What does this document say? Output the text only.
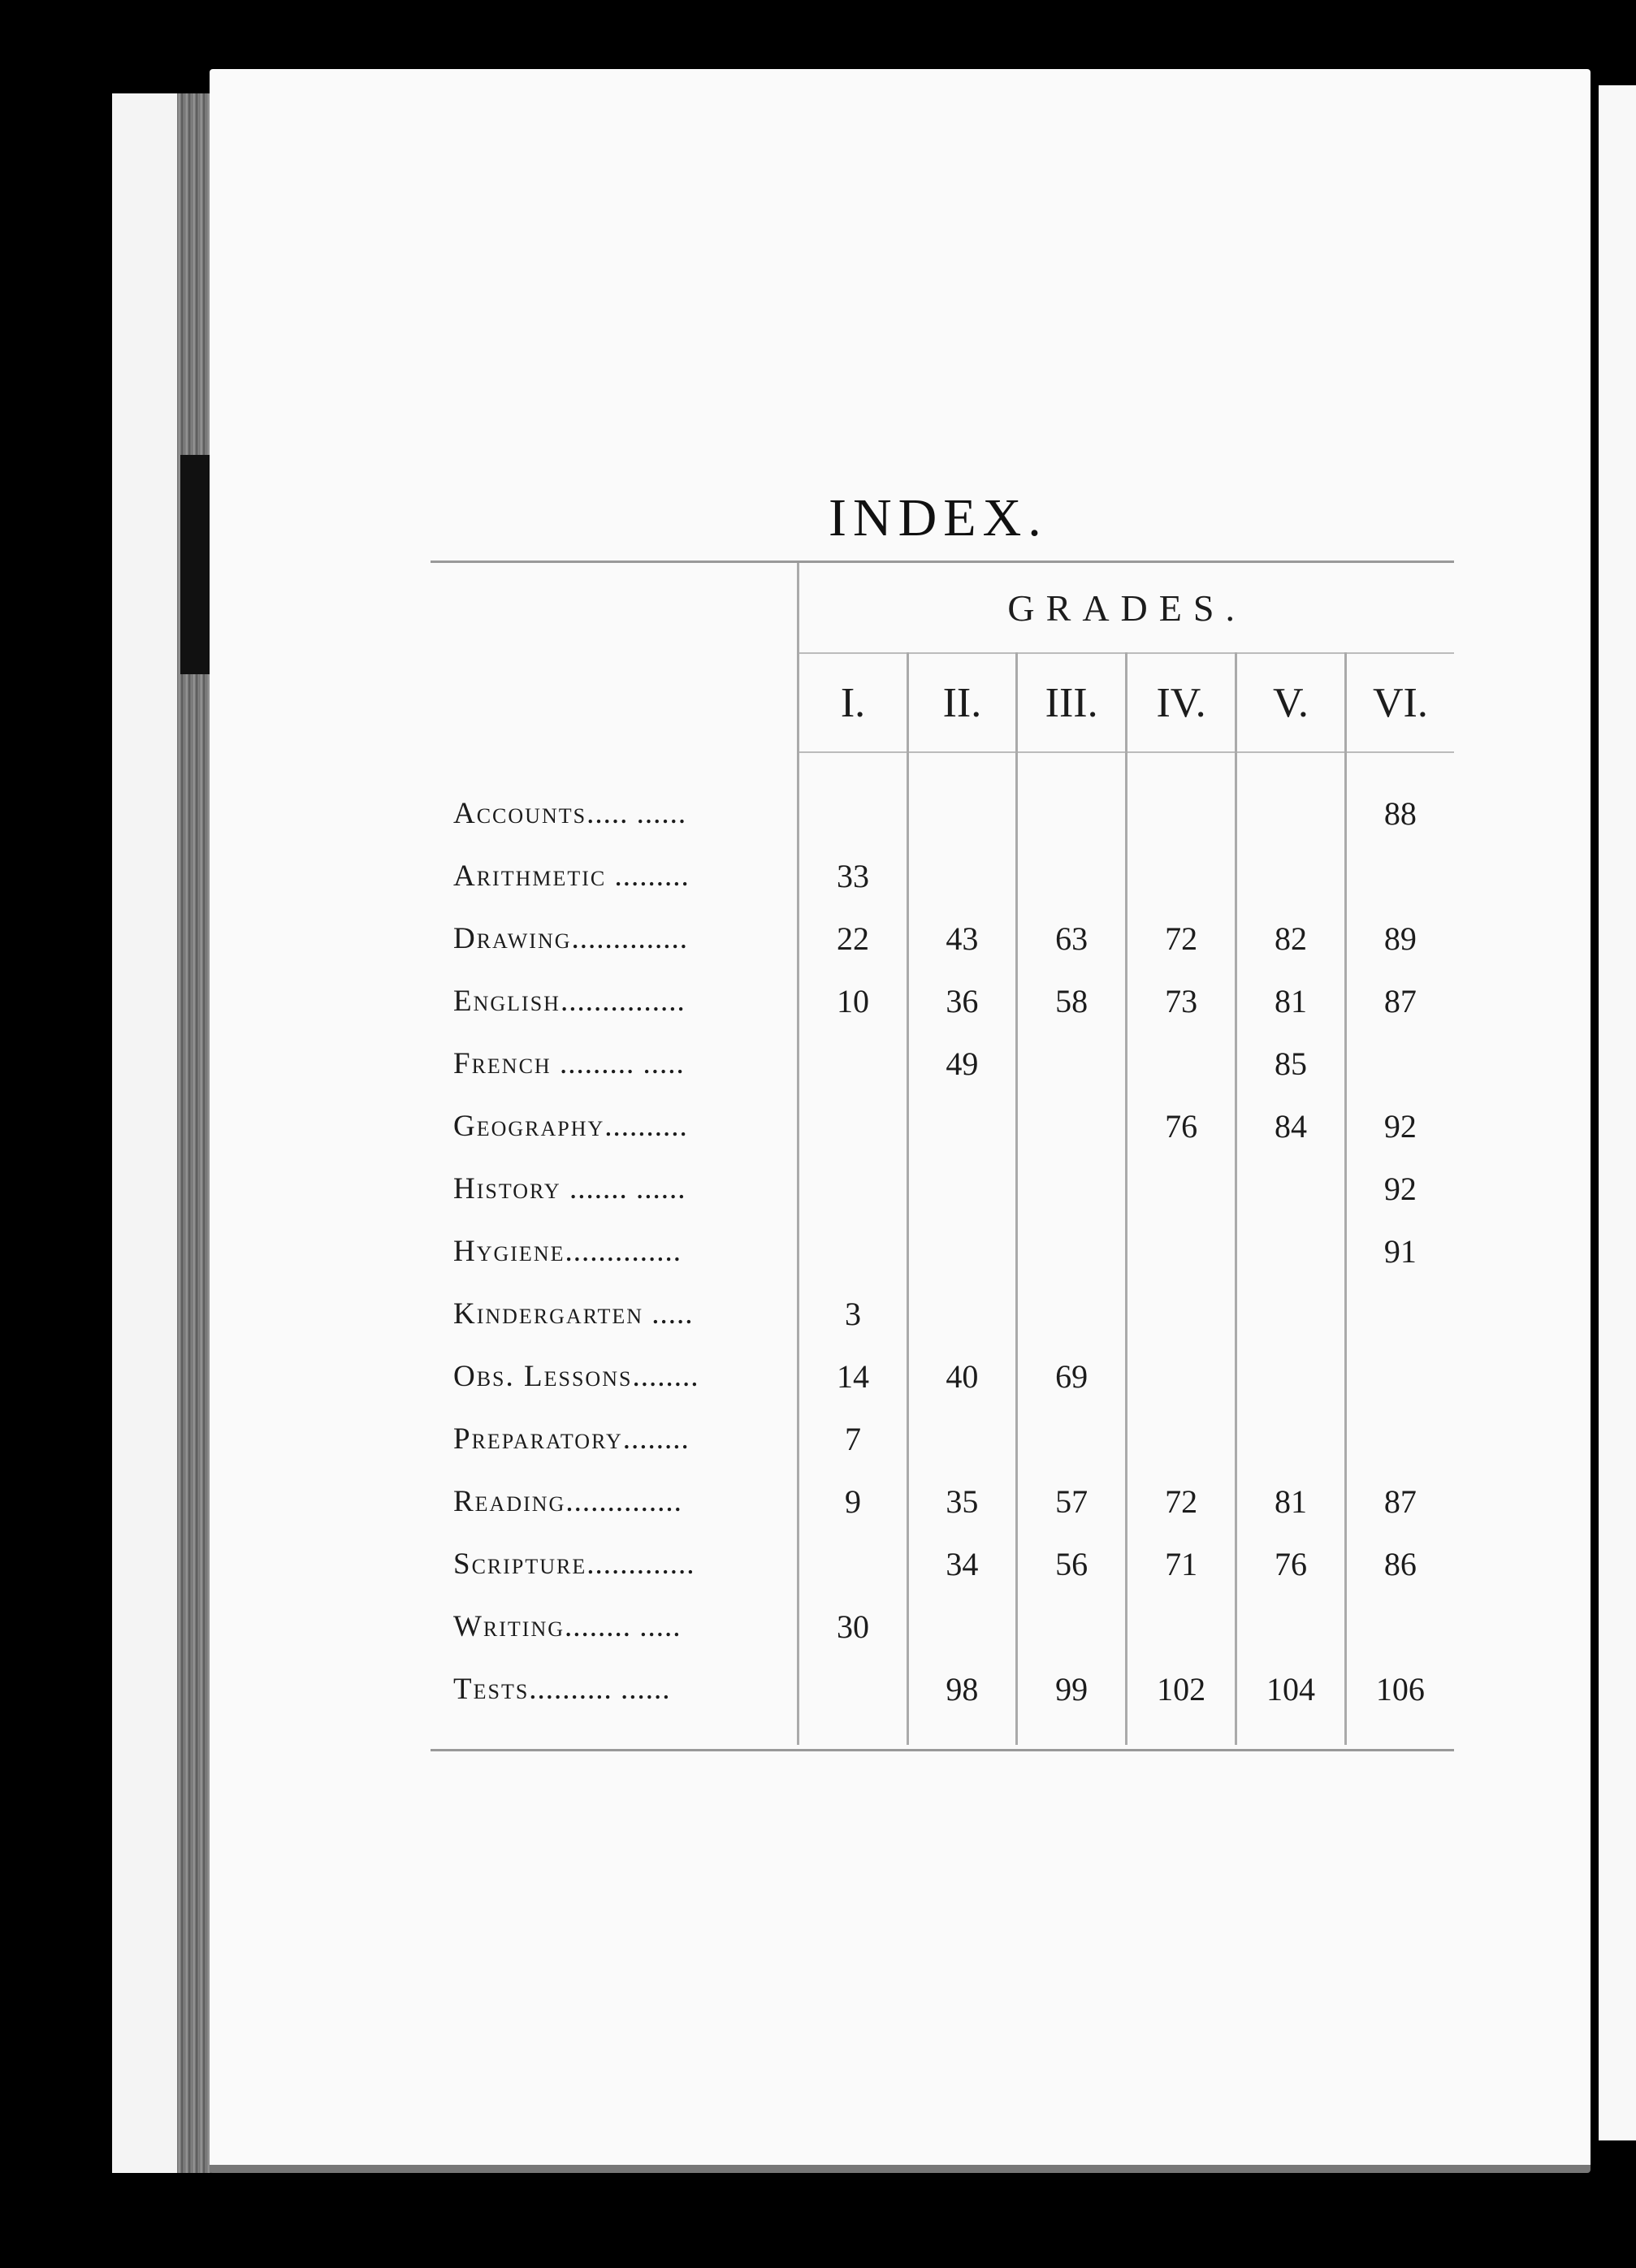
INDEX.
	GRADES.					
	I.	II.	III.	IV.	V.	VI.
Accounts..... ......						88
Arithmetic .........	33					
Drawing..............	22	43	63	72	82	89
English...............	10	36	58	73	81	87
French ......... .....		49			85	
Geography..........				76	84	92
History ....... ......						92
Hygiene..............						91
Kindergarten .....	3					
Obs. Lessons........	14	40	69			
Preparatory........	7					
Reading..............	9	35	57	72	81	87
Scripture.............		34	56	71	76	86
Writing........ .....	30					
Tests.......... ......		98	99	102	104	106
